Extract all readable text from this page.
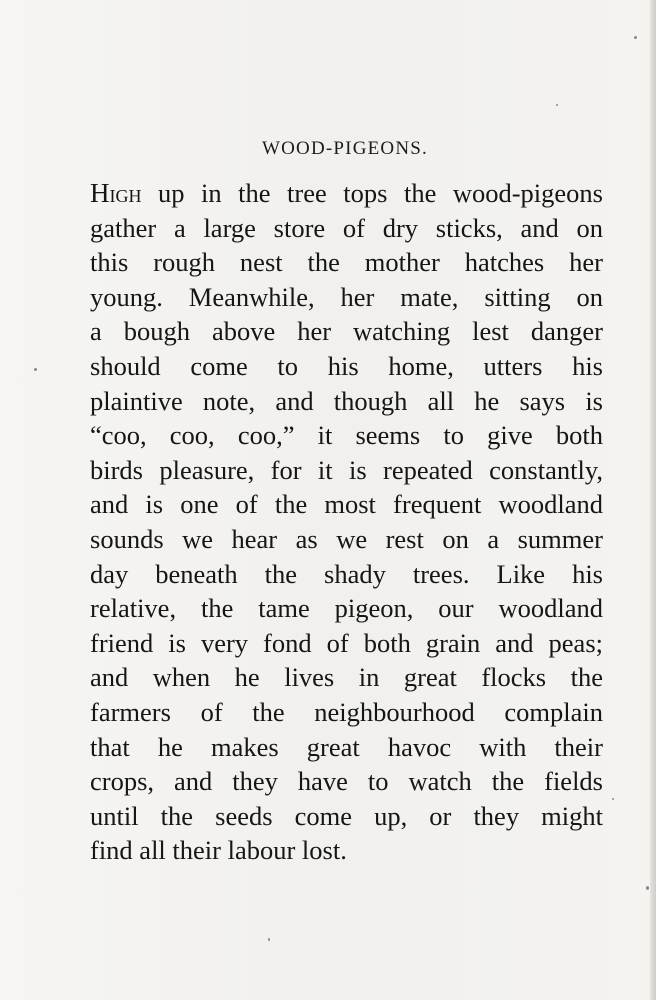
WOOD-PIGEONS.
High up in the tree tops the wood-pigeons
gather a large store of dry sticks, and on
this rough nest the mother hatches her
young. Meanwhile, her mate, sitting on
a bough above her watching lest danger
should come to his home, utters his
plaintive note, and though all he says is
“coo, coo, coo,” it seems to give both
birds pleasure, for it is repeated constantly,
and is one of the most frequent woodland
sounds we hear as we rest on a summer
day beneath the shady trees. Like his
relative, the tame pigeon, our woodland
friend is very fond of both grain and peas;
and when he lives in great flocks the
farmers of the neighbourhood complain
that he makes great havoc with their
crops, and they have to watch the fields
until the seeds come up, or they might
find all their labour lost.
